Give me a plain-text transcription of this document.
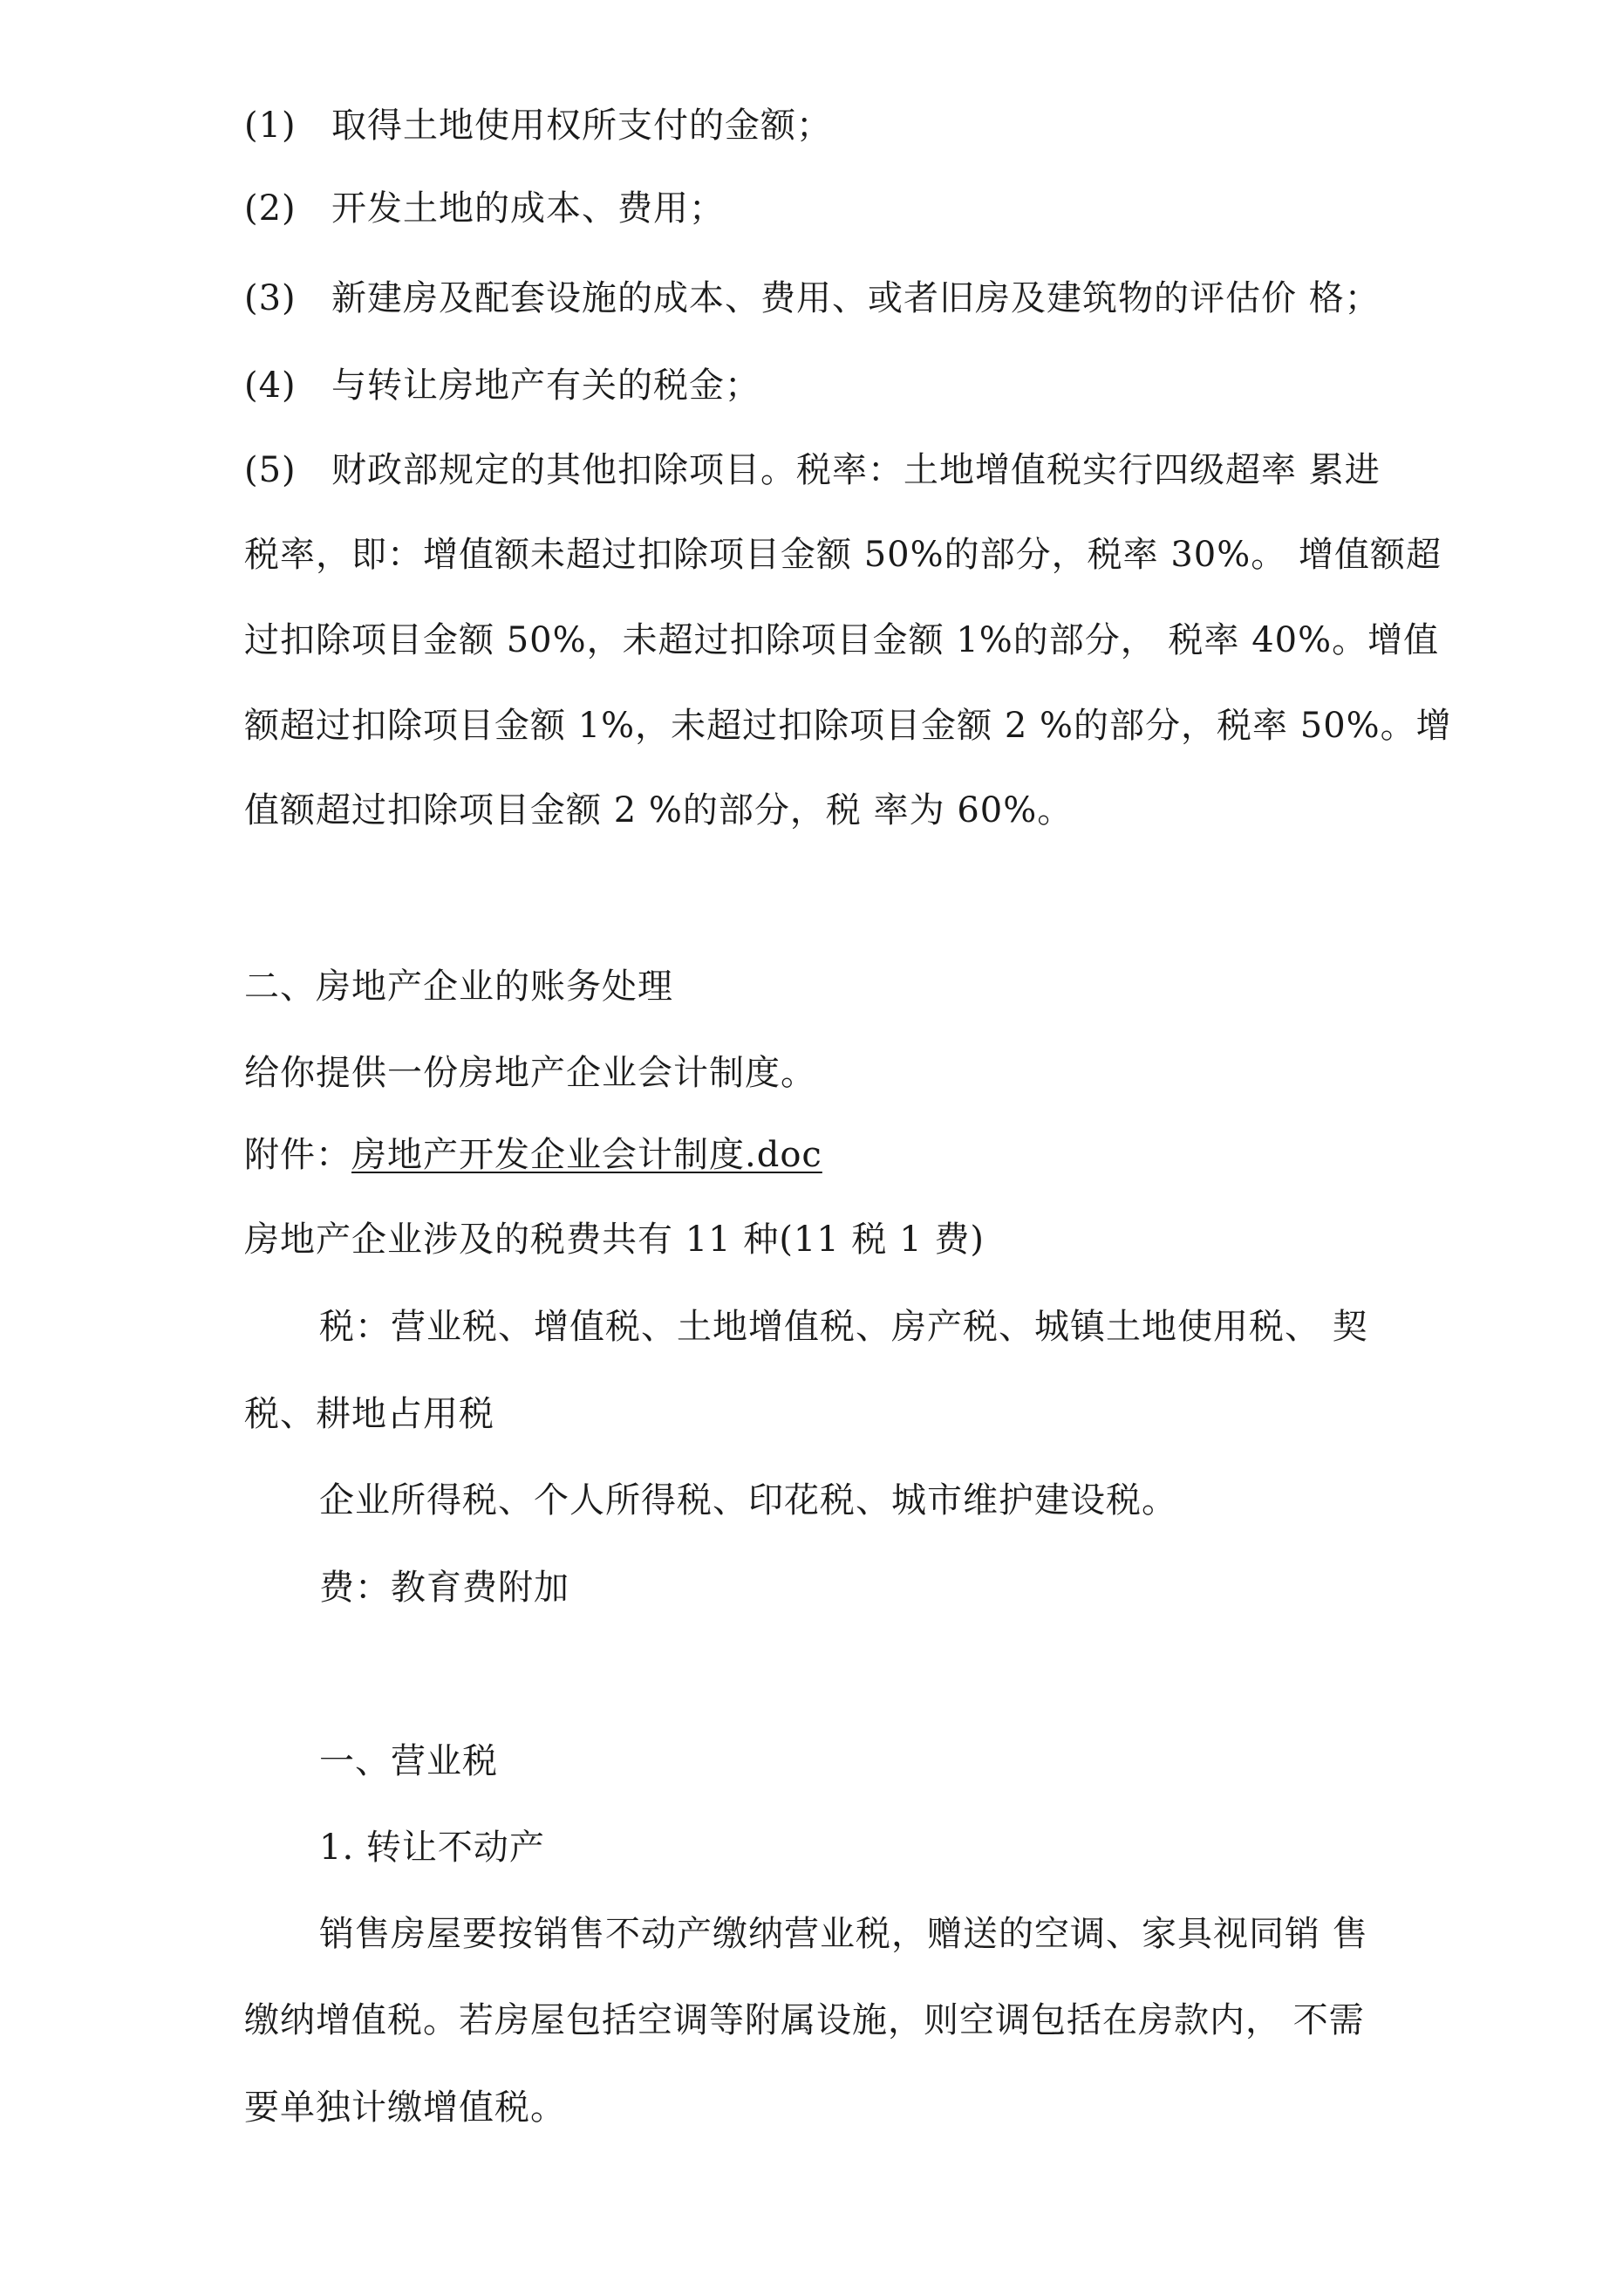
(1) 取得土地使用权所支付的金额；
(2) 开发土地的成本、费用；
(3) 新建房及配套设施的成本、费用、或者旧房及建筑物的评估价 格；
(4) 与转让房地产有关的税金；
(5) 财政部规定的其他扣除项目。税率：土地增值税实行四级超率 累进
税率，即：增值额未超过扣除项目金额 50%的部分，税率 30%。 增值额超
过扣除项目金额 50%，未超过扣除项目金额 1%的部分， 税率 40%。增值
额超过扣除项目金额 1%，未超过扣除项目金额 2 %的部分，税率 50%。增
值额超过扣除项目金额 2 %的部分，税 率为 60%。
二、房地产企业的账务处理
给你提供一份房地产企业会计制度。
附件：房地产开发企业会计制度.doc
房地产企业涉及的税费共有 11 种(11 税 1 费)
税：营业税、增值税、土地增值税、房产税、城镇土地使用税、 契
税、耕地占用税
企业所得税、个人所得税、印花税、城市维护建设税。
费：教育费附加
一、营业税
1. 转让不动产
销售房屋要按销售不动产缴纳营业税，赠送的空调、家具视同销 售
缴纳增值税。若房屋包括空调等附属设施，则空调包括在房款内， 不需
要单独计缴增值税。
